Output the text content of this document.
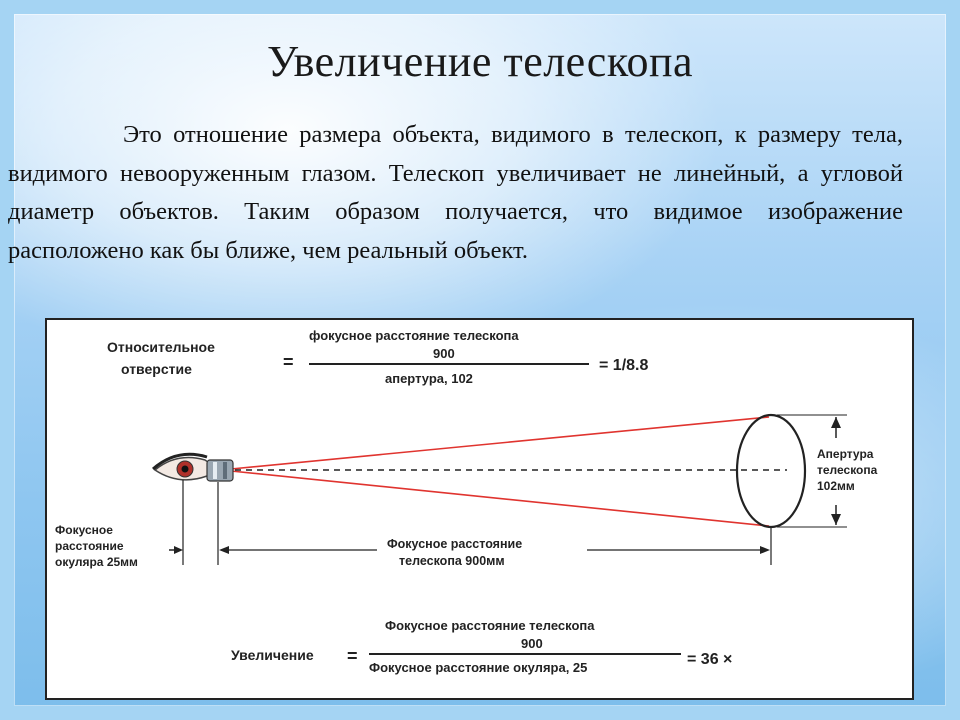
Увеличение телескопа
Это отношение размера объекта, видимого в телескоп, к размеру тела, видимого невооруженным глазом. Телескоп увеличивает не линейный, а угловой диаметр объектов. Таким образом получается, что видимое изображение расположено как бы ближе, чем реальный объект.
Относительное
отверстие	=
фокусное расстояние телескопа
900
апертура, 102
= 1/8.8
Апертура
телескопа
102мм
Фокусное
расстояние
окуляра 25мм
Фокусное расстояние
телескопа 900мм
Увеличение =
Фокусное расстояние телескопа
900
Фокусное расстояние окуляра, 25	= 36 ×
